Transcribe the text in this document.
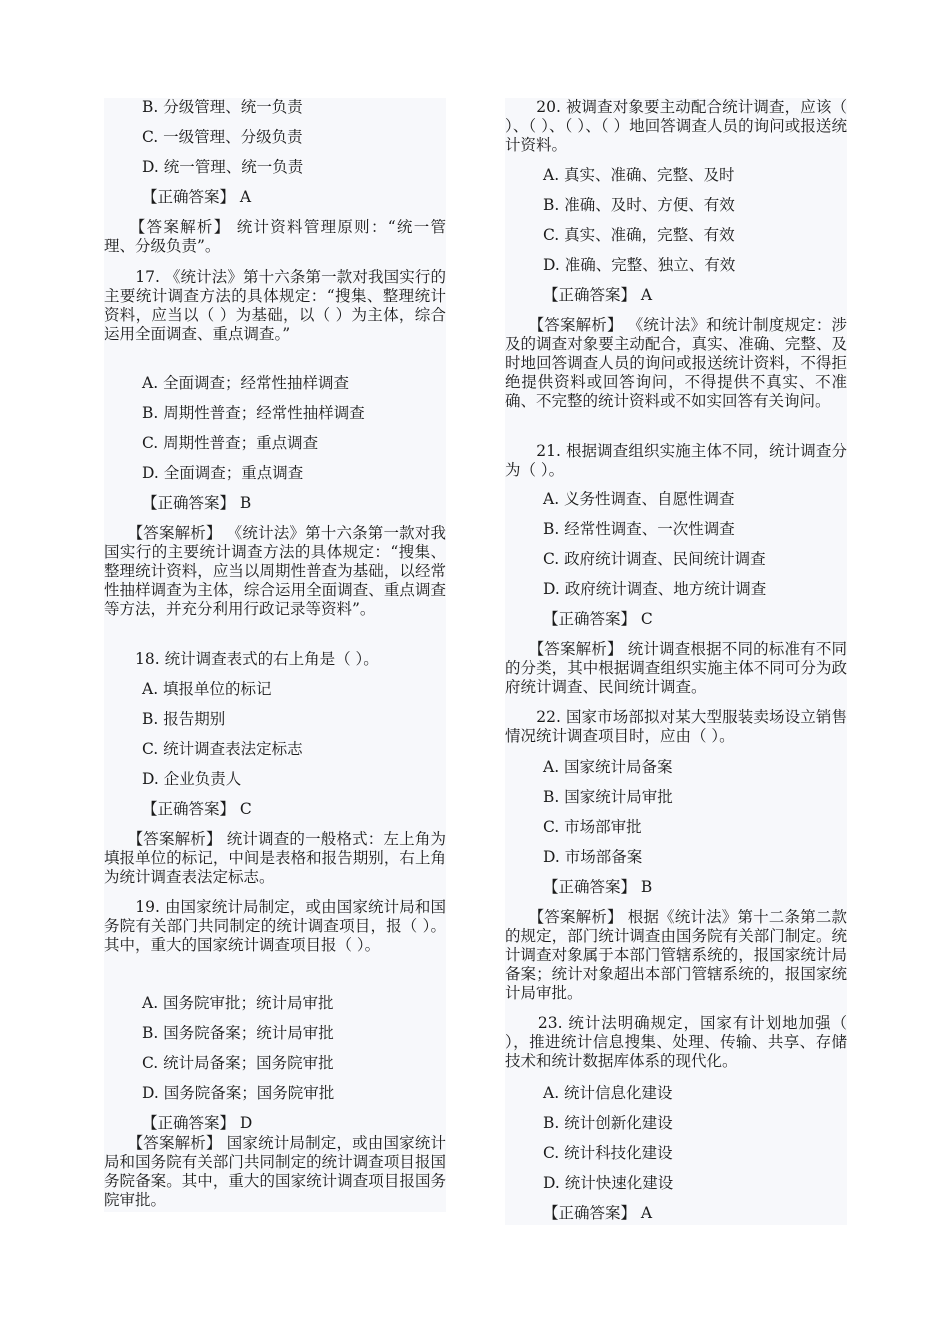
B. 分级管理、统一负责
C. 一级管理、分级负责
D. 统一管理、统一负责
【正确答案】 A
　　【答案解析】 统计资料管理原则：“统一管理、分级负责”。
　　17. 《统计法》第十六条第一款对我国实行的主要统计调查方法的具体规定：“搜集、整理统计资料，应当以（ ）为基础，以（ ）为主体，综合运用全面调查、重点调查。”
A. 全面调查；经常性抽样调查
B. 周期性普查；经常性抽样调查
C. 周期性普查；重点调查
D. 全面调查；重点调查
【正确答案】 B
　　【答案解析】 《统计法》第十六条第一款对我国实行的主要统计调查方法的具体规定：“搜集、整理统计资料，应当以周期性普查为基础，以经常性抽样调查为主体，综合运用全面调查、重点调查等方法，并充分利用行政记录等资料”。
　　18. 统计调查表式的右上角是（ ）。
A. 填报单位的标记
B. 报告期别
C. 统计调查表法定标志
D. 企业负责人
【正确答案】 C
　　【答案解析】 统计调查的一般格式：左上角为填报单位的标记，中间是表格和报告期别，右上角为统计调查表法定标志。
　　19. 由国家统计局制定，或由国家统计局和国务院有关部门共同制定的统计调查项目，报（ ）。其中，重大的国家统计调查项目报（ ）。
A. 国务院审批；统计局审批
B. 国务院备案；统计局审批
C. 统计局备案；国务院审批
D. 国务院备案；国务院审批
【正确答案】 D
　　【答案解析】 国家统计局制定，或由国家统计局和国务院有关部门共同制定的统计调查项目报国务院备案。其中，重大的国家统计调查项目报国务院审批。
　　20. 被调查对象要主动配合统计调查，应该（ ）、（ ）、（ ）、（ ）地回答调查人员的询问或报送统计资料。
A. 真实、准确、完整、及时
B. 准确、及时、方便、有效
C. 真实、准确，完整、有效
D. 准确、完整、独立、有效
【正确答案】 A
　　【答案解析】 《统计法》和统计制度规定：涉及的调查对象要主动配合，真实、准确、完整、及时地回答调查人员的询问或报送统计资料，不得拒绝提供资料或回答询问，不得提供不真实、不准确、不完整的统计资料或不如实回答有关询问。
　　21. 根据调查组织实施主体不同，统计调查分为（ ）。
A. 义务性调查、自愿性调查
B. 经常性调查、一次性调查
C. 政府统计调查、民间统计调查
D. 政府统计调查、地方统计调查
【正确答案】 C
　　【答案解析】 统计调查根据不同的标准有不同的分类，其中根据调查组织实施主体不同可分为政府统计调查、民间统计调查。
　　22. 国家市场部拟对某大型服装卖场设立销售情况统计调查项目时，应由（ ）。
A. 国家统计局备案
B. 国家统计局审批
C. 市场部审批
D. 市场部备案
【正确答案】 B
　　【答案解析】 根据《统计法》第十二条第二款的规定，部门统计调查由国务院有关部门制定。统计调查对象属于本部门管辖系统的，报国家统计局备案；统计对象超出本部门管辖系统的，报国家统计局审批。
　　23. 统计法明确规定，国家有计划地加强（ ），推进统计信息搜集、处理、传输、共享、存储技术和统计数据库体系的现代化。
A. 统计信息化建设
B. 统计创新化建设
C. 统计科技化建设
D. 统计快速化建设
【正确答案】 A
